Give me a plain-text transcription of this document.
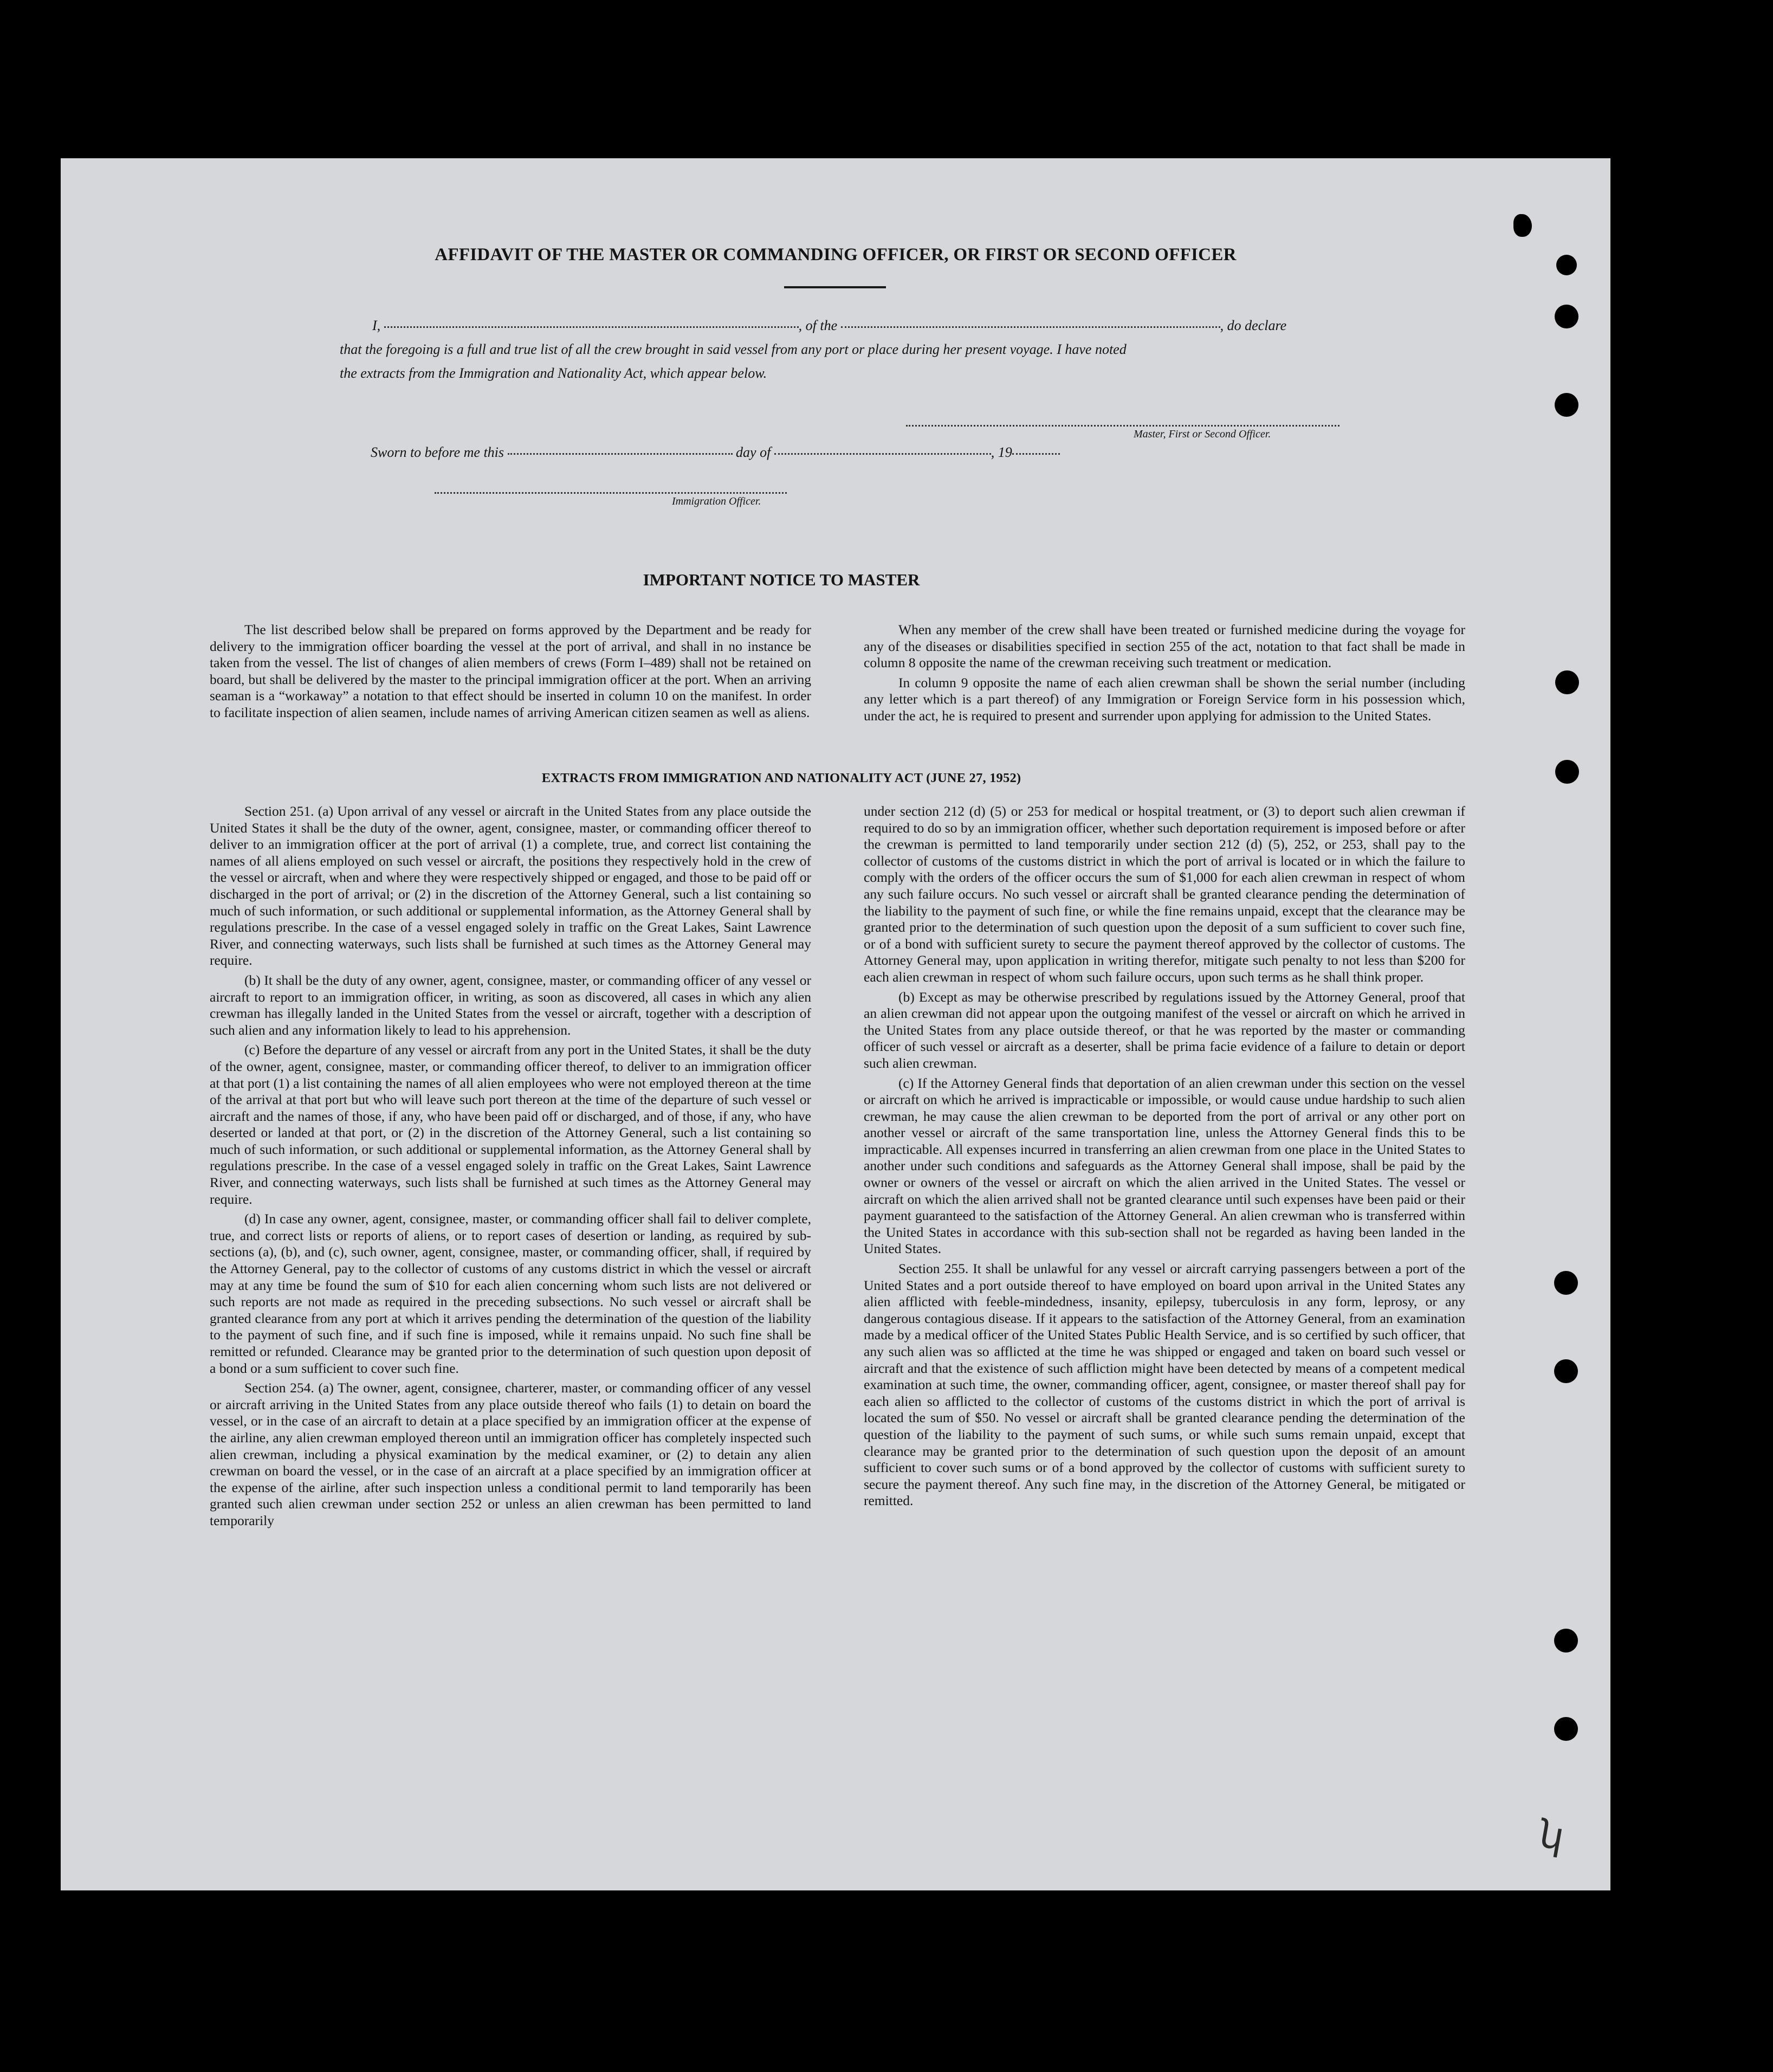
AFFIDAVIT OF THE MASTER OR COMMANDING OFFICER, OR FIRST OR SECOND OFFICER
I,	, of the	, do declare
that the foregoing is a full and true list of all the crew brought in said vessel from any port or place during her present voyage. I have noted
the extracts from the Immigration and Nationality Act, which appear below.
Master, First or Second Officer.
Sworn to before me this	day of	, 19
Immigration Officer.
IMPORTANT NOTICE TO MASTER

The list described below shall be prepared on forms approved by the Department and be ready for delivery to the immigration officer boarding the vessel at the port of arrival, and shall in no instance be taken from the vessel. The list of changes of alien members of crews (Form I–489) shall not be retained on board, but shall be delivered by the master to the principal immigration officer at the port. When an arriving seaman is a “workaway” a notation to that effect should be inserted in column 10 on the manifest. In order to facilitate inspection of alien seamen, include names of arriving American citizen seamen as well as aliens.

When any member of the crew shall have been treated or furnished medicine during the voyage for any of the diseases or disabilities specified in section 255 of the act, notation to that fact shall be made in column 8 opposite the name of the crewman receiving such treatment or medication.

In column 9 opposite the name of each alien crewman shall be shown the serial number (including any letter which is a part thereof) of any Immigration or Foreign Service form in his possession which, under the act, he is required to present and surrender upon applying for admission to the United States.

EXTRACTS FROM IMMIGRATION AND NATIONALITY ACT (JUNE 27, 1952)

Section 251. (a) Upon arrival of any vessel or aircraft in the United States from any place outside the United States it shall be the duty of the owner, agent, consignee, master, or commanding officer thereof to deliver to an immigration officer at the port of arrival (1) a complete, true, and correct list containing the names of all aliens employed on such vessel or aircraft, the positions they respectively hold in the crew of the vessel or aircraft, when and where they were respectively shipped or engaged, and those to be paid off or discharged in the port of arrival; or (2) in the discretion of the Attorney General, such a list containing so much of such information, or such additional or supplemental information, as the Attorney General shall by regulations prescribe. In the case of a vessel engaged solely in traffic on the Great Lakes, Saint Lawrence River, and connecting waterways, such lists shall be furnished at such times as the Attorney General may require.

(b) It shall be the duty of any owner, agent, consignee, master, or commanding officer of any vessel or aircraft to report to an immigration officer, in writing, as soon as discovered, all cases in which any alien crewman has illegally landed in the United States from the vessel or aircraft, together with a description of such alien and any information likely to lead to his apprehension.

(c) Before the departure of any vessel or aircraft from any port in the United States, it shall be the duty of the owner, agent, consignee, master, or commanding officer thereof, to deliver to an immigration officer at that port (1) a list containing the names of all alien employees who were not employed thereon at the time of the arrival at that port but who will leave such port thereon at the time of the departure of such vessel or aircraft and the names of those, if any, who have been paid off or discharged, and of those, if any, who have deserted or landed at that port, or (2) in the discretion of the Attorney General, such a list containing so much of such information, or such additional or supplemental information, as the Attorney General shall by regulations prescribe. In the case of a vessel engaged solely in traffic on the Great Lakes, Saint Lawrence River, and connecting waterways, such lists shall be furnished at such times as the Attorney General may require.

(d) In case any owner, agent, consignee, master, or commanding officer shall fail to deliver complete, true, and correct lists or reports of aliens, or to report cases of desertion or landing, as required by sub-sections (a), (b), and (c), such owner, agent, consignee, master, or commanding officer, shall, if required by the Attorney General, pay to the collector of customs of any customs district in which the vessel or aircraft may at any time be found the sum of $10 for each alien concerning whom such lists are not delivered or such reports are not made as required in the preceding subsections. No such vessel or aircraft shall be granted clearance from any port at which it arrives pending the determination of the question of the liability to the payment of such fine, and if such fine is imposed, while it remains unpaid. No such fine shall be remitted or refunded. Clearance may be granted prior to the determination of such question upon deposit of a bond or a sum sufficient to cover such fine.

Section 254. (a) The owner, agent, consignee, charterer, master, or commanding officer of any vessel or aircraft arriving in the United States from any place outside thereof who fails (1) to detain on board the vessel, or in the case of an aircraft to detain at a place specified by an immigration officer at the expense of the airline, any alien crewman employed thereon until an immigration officer has completely inspected such alien crewman, including a physical examination by the medical examiner, or (2) to detain any alien crewman on board the vessel, or in the case of an aircraft at a place specified by an immigration officer at the expense of the airline, after such inspection unless a conditional permit to land temporarily has been granted such alien crewman under section 252 or unless an alien crewman has been permitted to land temporarily

under section 212 (d) (5) or 253 for medical or hospital treatment, or (3) to deport such alien crewman if required to do so by an immigration officer, whether such deportation requirement is imposed before or after the crewman is permitted to land temporarily under section 212 (d) (5), 252, or 253, shall pay to the collector of customs of the customs district in which the port of arrival is located or in which the failure to comply with the orders of the officer occurs the sum of $1,000 for each alien crewman in respect of whom any such failure occurs. No such vessel or aircraft shall be granted clearance pending the determination of the liability to the payment of such fine, or while the fine remains unpaid, except that the clearance may be granted prior to the determination of such question upon the deposit of a sum sufficient to cover such fine, or of a bond with sufficient surety to secure the payment thereof approved by the collector of customs. The Attorney General may, upon application in writing therefor, mitigate such penalty to not less than $200 for each alien crewman in respect of whom such failure occurs, upon such terms as he shall think proper.

(b) Except as may be otherwise prescribed by regulations issued by the Attorney General, proof that an alien crewman did not appear upon the outgoing manifest of the vessel or aircraft on which he arrived in the United States from any place outside thereof, or that he was reported by the master or commanding officer of such vessel or aircraft as a deserter, shall be prima facie evidence of a failure to detain or deport such alien crewman.

(c) If the Attorney General finds that deportation of an alien crewman under this section on the vessel or aircraft on which he arrived is impracticable or impossible, or would cause undue hardship to such alien crewman, he may cause the alien crewman to be deported from the port of arrival or any other port on another vessel or aircraft of the same transportation line, unless the Attorney General finds this to be impracticable. All expenses incurred in transferring an alien crewman from one place in the United States to another under such conditions and safeguards as the Attorney General shall impose, shall be paid by the owner or owners of the vessel or aircraft on which the alien arrived in the United States. The vessel or aircraft on which the alien arrived shall not be granted clearance until such expenses have been paid or their payment guaranteed to the satisfaction of the Attorney General. An alien crewman who is transferred within the United States in accordance with this sub-section shall not be regarded as having been landed in the United States.

Section 255. It shall be unlawful for any vessel or aircraft carrying passengers between a port of the United States and a port outside thereof to have employed on board upon arrival in the United States any alien afflicted with feeble-mindedness, insanity, epilepsy, tuberculosis in any form, leprosy, or any dangerous contagious disease. If it appears to the satisfaction of the Attorney General, from an examination made by a medical officer of the United States Public Health Service, and is so certified by such officer, that any such alien was so afflicted at the time he was shipped or engaged and taken on board such vessel or aircraft and that the existence of such affliction might have been detected by means of a competent medical examination at such time, the owner, commanding officer, agent, consignee, or master thereof shall pay for each alien so afflicted to the collector of customs of the customs district in which the port of arrival is located the sum of $50. No vessel or aircraft shall be granted clearance pending the determination of the question of the liability to the payment of such sums, or while such sums remain unpaid, except that clearance may be granted prior to the determination of such question upon the deposit of an amount sufficient to cover such sums or of a bond approved by the collector of customs with sufficient surety to secure the payment thereof. Any such fine may, in the discretion of the Attorney General, be mitigated or remitted.

ʮ
